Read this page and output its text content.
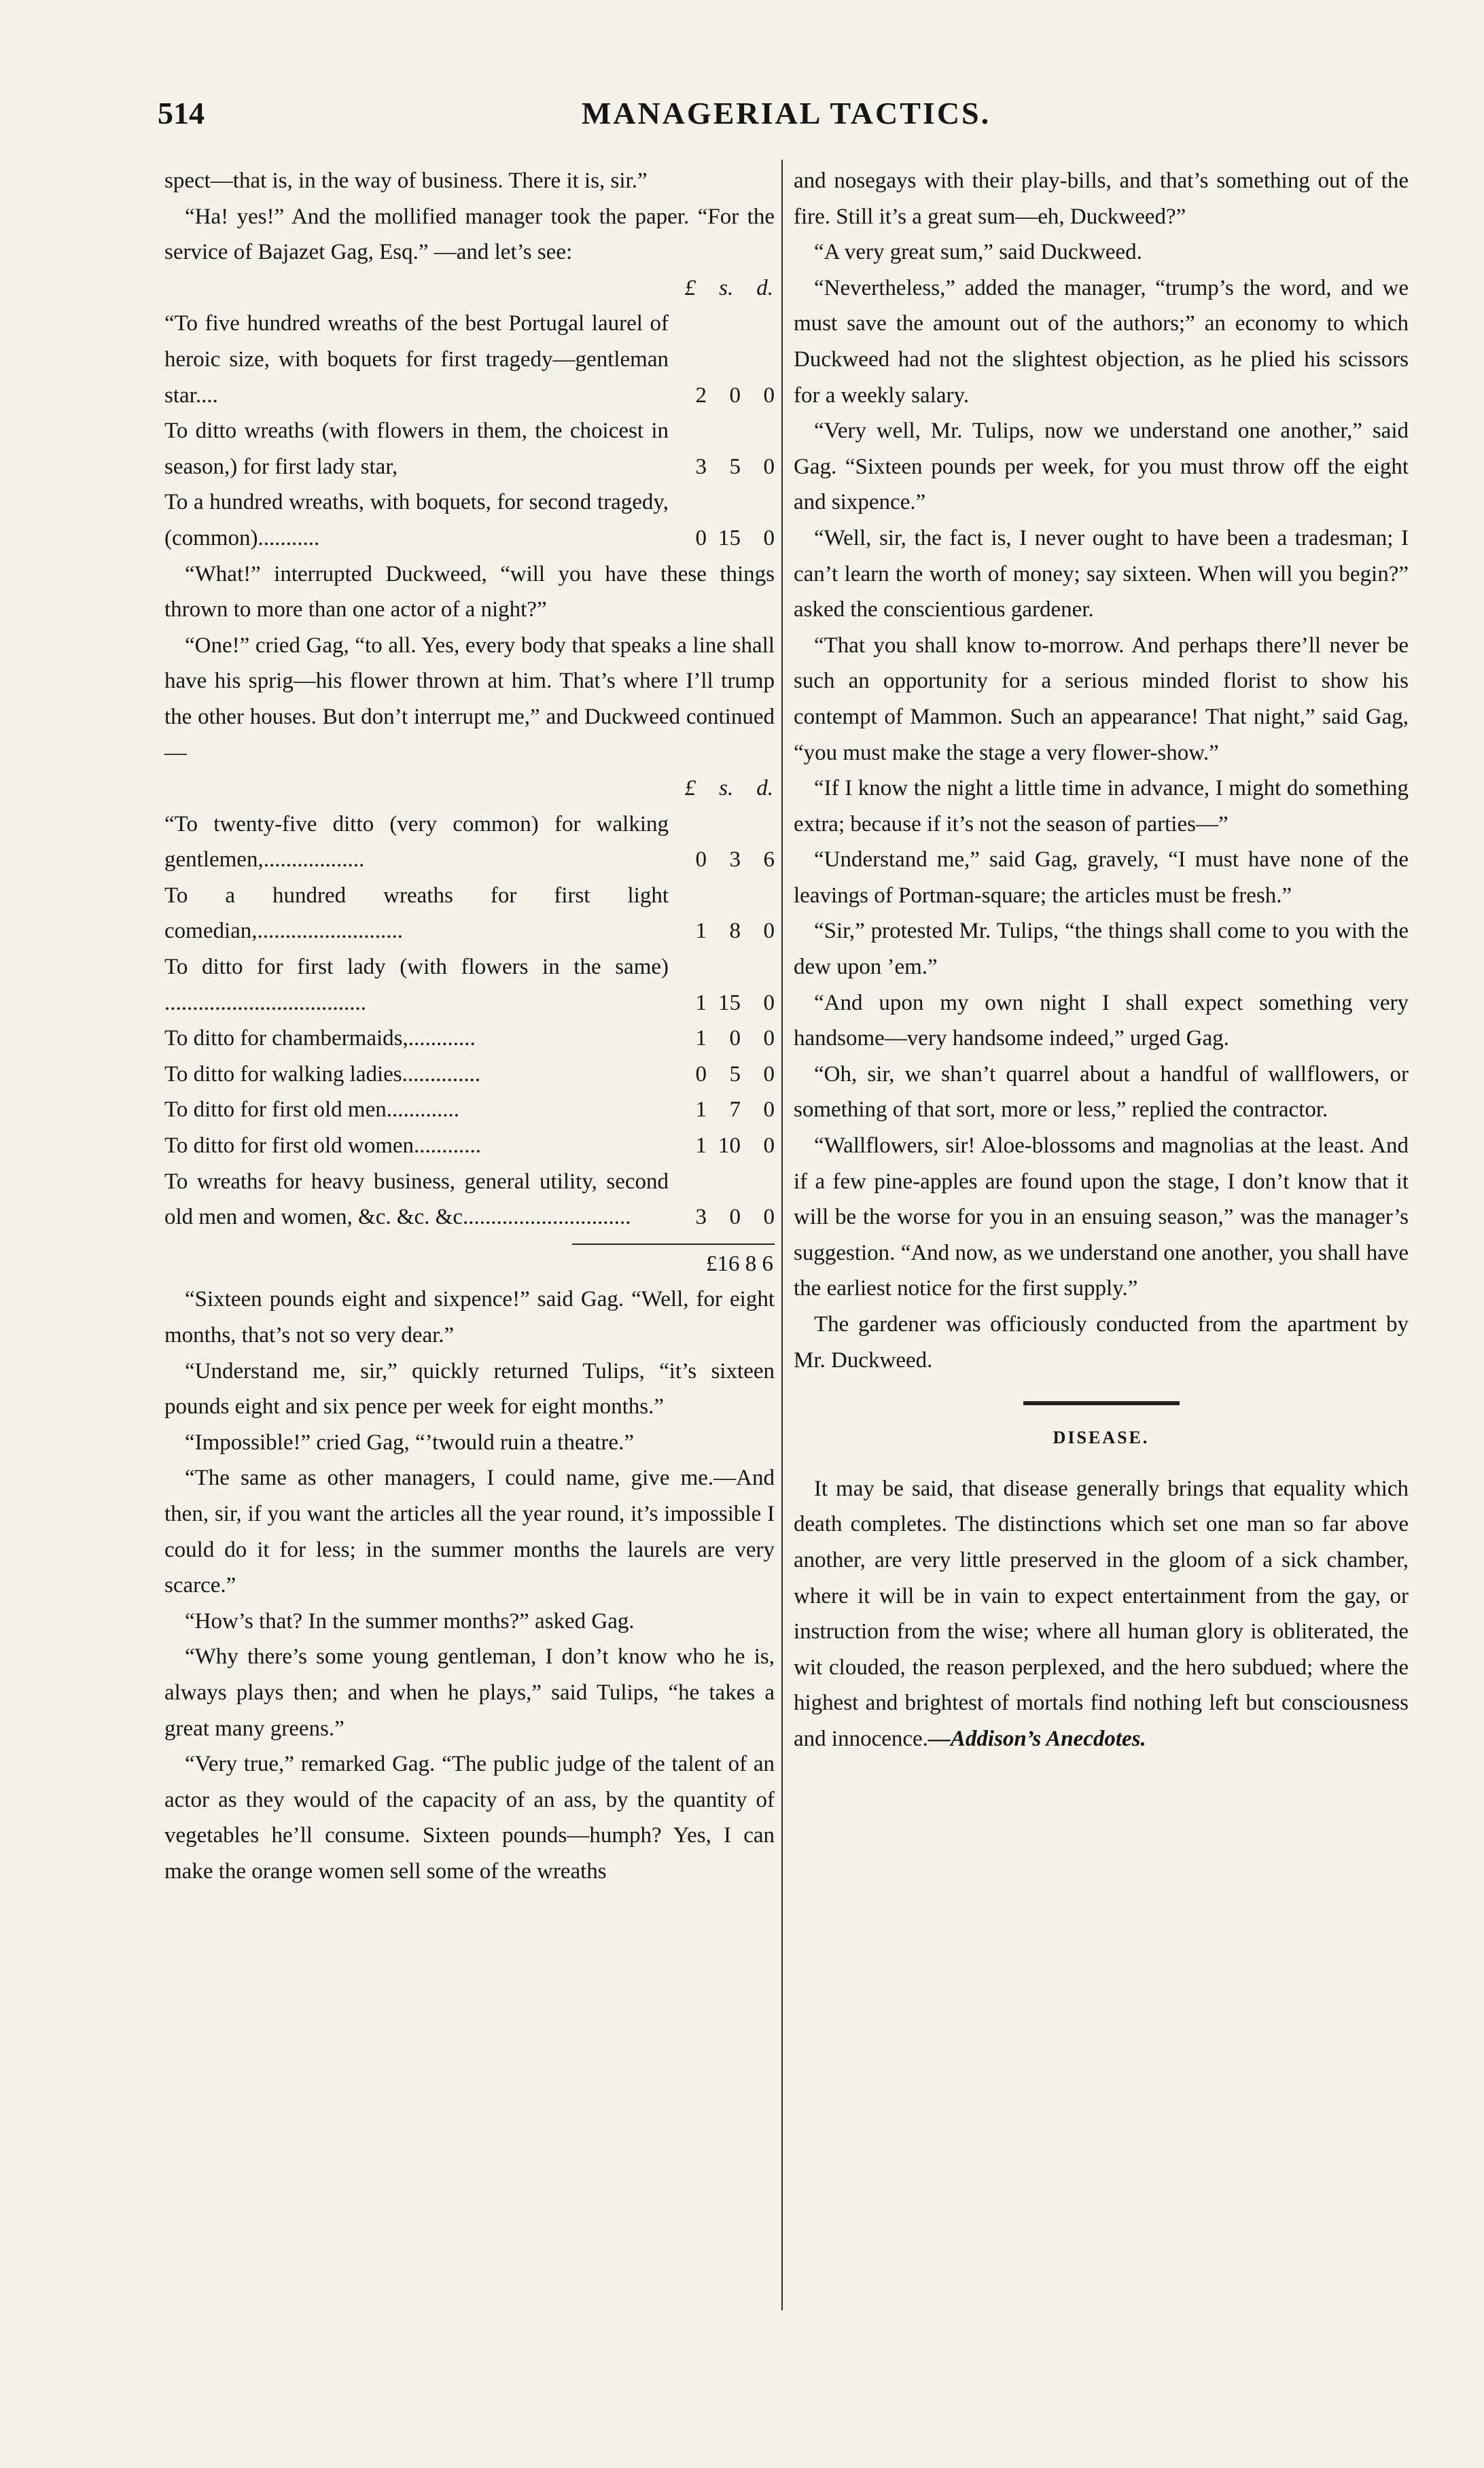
514	MANAGERIAL TACTICS.

spect—that is, in the way of business. There it is, sir.”

“Ha! yes!” And the mollified manager took the paper. “For the service of Bajazet Gag, Esq.” —and let’s see:

£ s. d.
“To five hundred wreaths of the best Portugal laurel of heroic size, with boquets for first tragedy—gentleman star....	2	0	0
To ditto wreaths (with flowers in them, the choicest in season,) for first lady star,	3	5	0
To a hundred wreaths, with boquets, for second tragedy, (common)...........	0 15	0

“What!” interrupted Duckweed, “will you have these things thrown to more than one actor of a night?”

“One!” cried Gag, “to all. Yes, every body that speaks a line shall have his sprig—his flower thrown at him. That’s where I’ll trump the other houses. But don’t interrupt me,” and Duckweed continued—

£ s. d.
“To twenty-five ditto (very common) for walking gentlemen,..................	0	3	6
To a hundred wreaths for first light comedian,..........................	1	8	0
To ditto for first lady (with flowers in the same) ....................................	1 15	0
To ditto for chambermaids,............	1	0	0
To ditto for walking ladies..............	0	5	0
To ditto for first old men.............	1	7	0
To ditto for first old women............	1 10	0
To wreaths for heavy business, general utility, second old men and women, &c. &c. &c..............................	3	0	0
£16 8 6

“Sixteen pounds eight and sixpence!” said Gag. “Well, for eight months, that’s not so very dear.”

“Understand me, sir,” quickly returned Tulips, “it’s sixteen pounds eight and six pence per week for eight months.”

“Impossible!” cried Gag, “’twould ruin a theatre.”

“The same as other managers, I could name, give me.—And then, sir, if you want the articles all the year round, it’s impossible I could do it for less; in the summer months the laurels are very scarce.”

“How’s that? In the summer months?” asked Gag.

“Why there’s some young gentleman, I don’t know who he is, always plays then; and when he plays,” said Tulips, “he takes a great many greens.”

“Very true,” remarked Gag. “The public judge of the talent of an actor as they would of the capacity of an ass, by the quantity of vegetables he’ll consume. Sixteen pounds—humph? Yes, I can make the orange women sell some of the wreaths

and nosegays with their play-bills, and that’s something out of the fire. Still it’s a great sum—eh, Duckweed?”

“A very great sum,” said Duckweed.

“Nevertheless,” added the manager, “trump’s the word, and we must save the amount out of the authors;” an economy to which Duckweed had not the slightest objection, as he plied his scissors for a weekly salary.

“Very well, Mr. Tulips, now we understand one another,” said Gag. “Sixteen pounds per week, for you must throw off the eight and sixpence.”

“Well, sir, the fact is, I never ought to have been a tradesman; I can’t learn the worth of money; say sixteen. When will you begin?” asked the conscientious gardener.

“That you shall know to-morrow. And perhaps there’ll never be such an opportunity for a serious minded florist to show his contempt of Mammon. Such an appearance! That night,” said Gag, “you must make the stage a very flower-show.”

“If I know the night a little time in advance, I might do something extra; because if it’s not the season of parties—”

“Understand me,” said Gag, gravely, “I must have none of the leavings of Portman-square; the articles must be fresh.”

“Sir,” protested Mr. Tulips, “the things shall come to you with the dew upon ’em.”

“And upon my own night I shall expect something very handsome—very handsome indeed,” urged Gag.

“Oh, sir, we shan’t quarrel about a handful of wallflowers, or something of that sort, more or less,” replied the contractor.

“Wallflowers, sir! Aloe-blossoms and magnolias at the least. And if a few pine-apples are found upon the stage, I don’t know that it will be the worse for you in an ensuing season,” was the manager’s suggestion. “And now, as we understand one another, you shall have the earliest notice for the first supply.”

The gardener was officiously conducted from the apartment by Mr. Duckweed.

DISEASE.

It may be said, that disease generally brings that equality which death completes. The distinctions which set one man so far above another, are very little preserved in the gloom of a sick chamber, where it will be in vain to expect entertainment from the gay, or instruction from the wise; where all human glory is obliterated, the wit clouded, the reason perplexed, and the hero subdued; where the highest and brightest of mortals find nothing left but consciousness and innocence.—Addison’s Anecdotes.
